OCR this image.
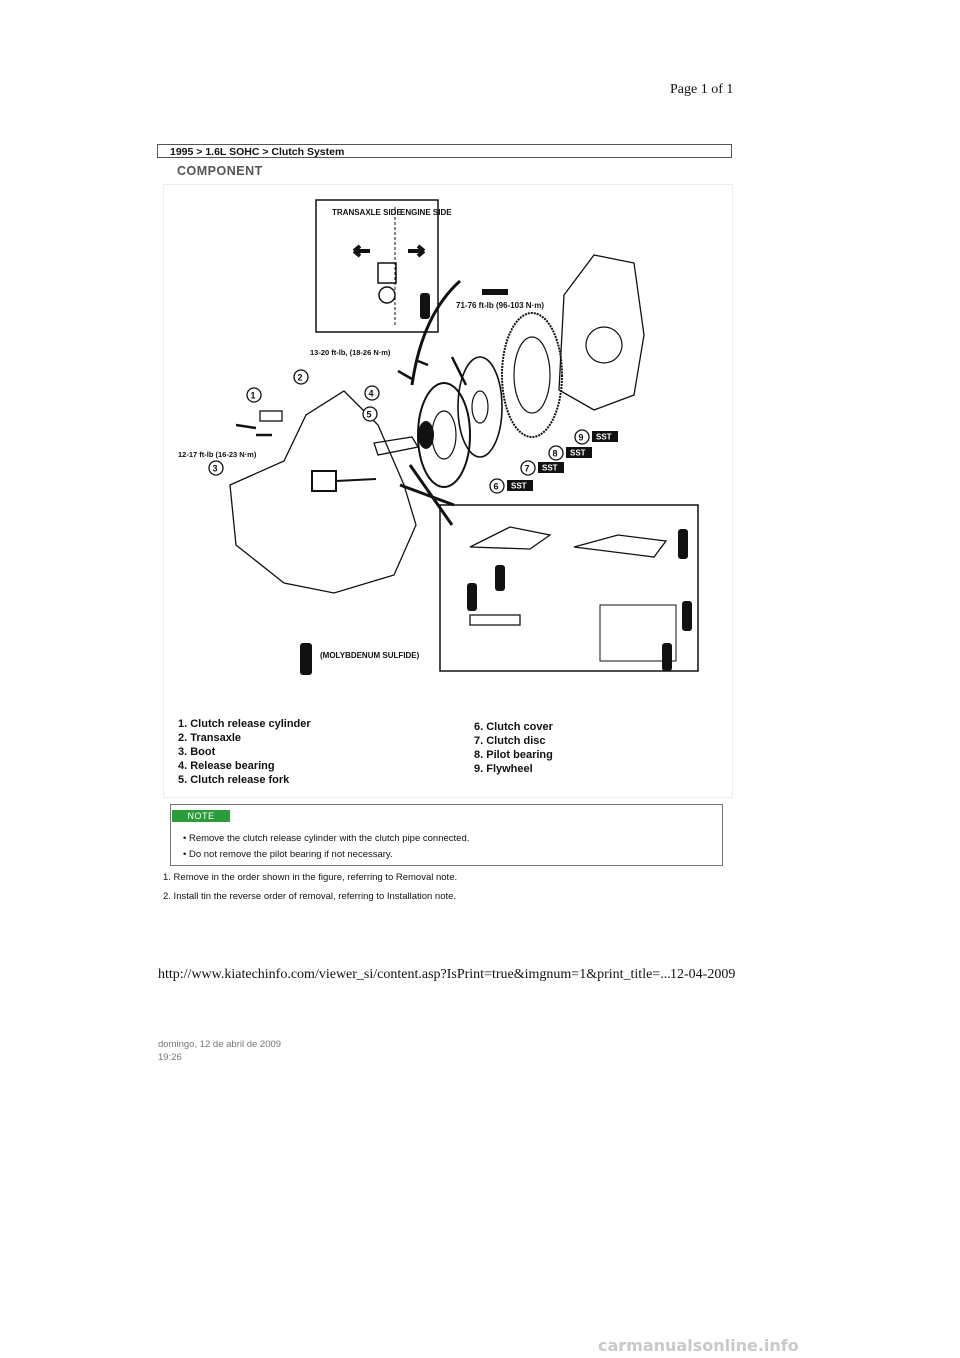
Page 1 of 1
1995 > 1.6L SOHC > Clutch System
COMPONENT
TRANSAXLE SIDE
ENGINE SIDE
71-76 ft-lb (96-103 N·m)
13-20 ft-lb, (18-26 N·m)
12-17 ft-lb (16-23 N·m)
(MOLYBDENUM SULFIDE)
1
2
3
4
5
6 SST
7 SST
8 SST
9 SST
1. Clutch release cylinder
2. Transaxle
3. Boot
4. Release bearing
5. Clutch release fork
6. Clutch cover
7. Clutch disc
8. Pilot bearing
9. Flywheel
NOTE
• Remove the clutch release cylinder with the clutch pipe connected.
• Do not remove the pilot bearing if not necessary.
1. Remove in the order shown in the figure, referring to Removal note.
2. Install tin the reverse order of removal, referring to Installation note.
http://www.kiatechinfo.com/viewer_si/content.asp?IsPrint=true&imgnum=1&print_title=... 12-04-2009
domingo, 12 de abril de 2009
19:26
carmanualsonline.info
